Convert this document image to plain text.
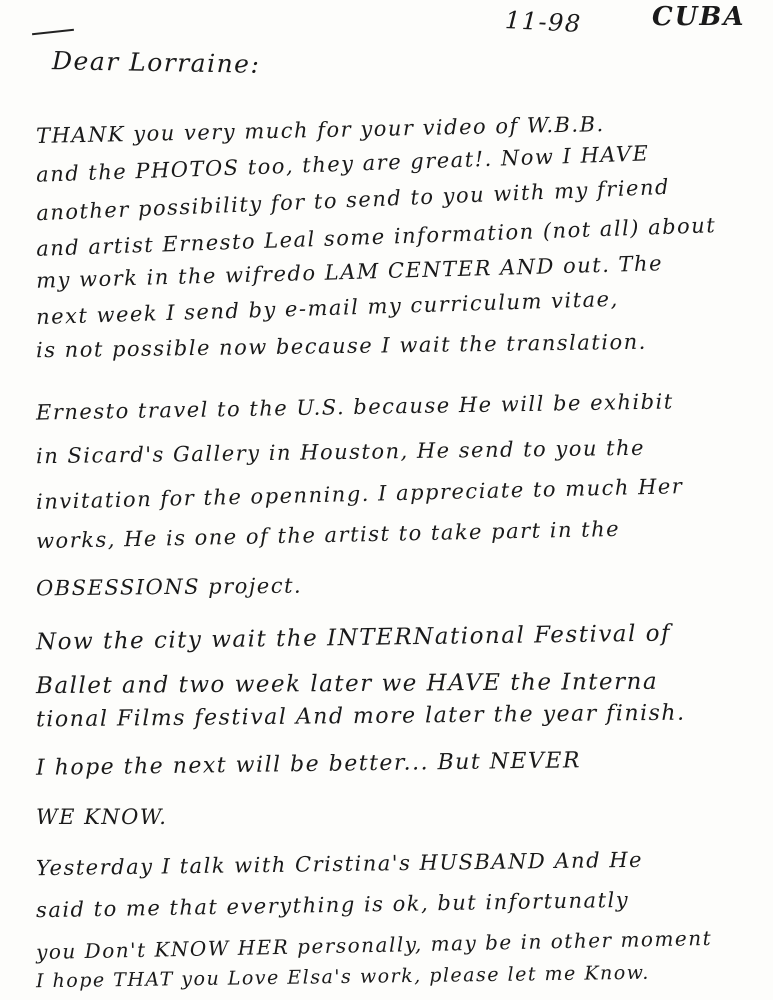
11-98	CUBA
Dear Lorraine:
THANK you very much for your video of W.B.B.
and the PHOTOS too, they are great!. Now I HAVE
another possibility for to send to you with my friend
and artist Ernesto Leal some information (not all) about
my work in the wifredo LAM CENTER AND out. The
next week I send by e-mail my curriculum vitae,
is not possible now because I wait the translation.
Ernesto travel to the U.S. because He will be exhibit
in Sicard's Gallery in Houston, He send to you the
invitation for the openning. I appreciate to much Her
works, He is one of the artist to take part in the
OBSESSIONS project.
Now the city wait the INTERNational Festival of
Ballet and two week later we HAVE the Interna
tional Films festival And more later the year finish.
I hope the next will be better... But NEVER
WE KNOW.
Yesterday I talk with Cristina's HUSBAND And He
said to me that everything is ok, but infortunatly
you Don't KNOW HER personally, may be in other moment
I hope THAT you Love Elsa's work, please let me Know.
